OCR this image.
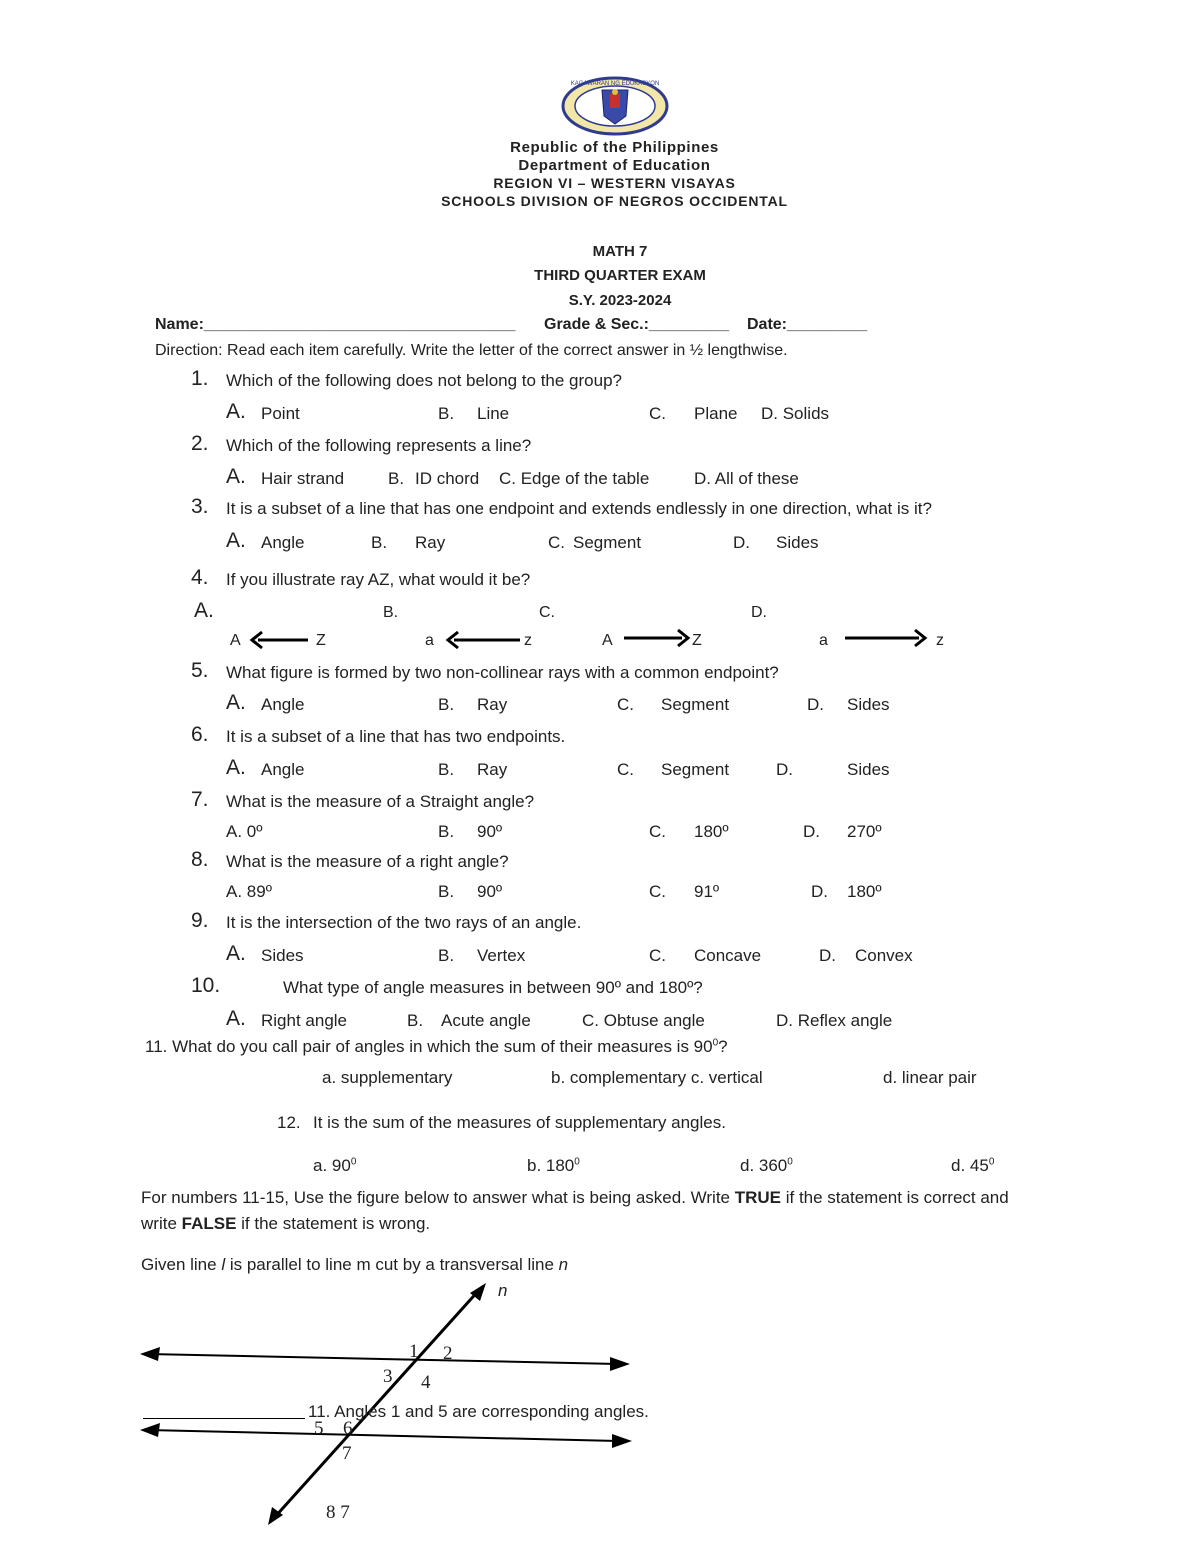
KAGAWARAN NG EDUKASYON
Republic of the Philippines
Department of Education
REGION VI – WESTERN VISAYAS
SCHOOLS DIVISION OF NEGROS OCCIDENTAL
MATH 7
THIRD QUARTER EXAM
S.Y. 2023-2024
Name:___________________________________ Grade & Sec.:_________ Date:_________
Direction: Read each item carefully. Write the letter of the correct answer in ½ lengthwise.
1. Which of the following does not belong to the group?
A. Point	B. Line	C. Plane D. Solids
2. Which of the following represents a line?
A. Hair strand	B. ID chord C. Edge of the table	D. All of these
3. It is a subset of a line that has one endpoint and extends endlessly in one direction, what is it?
A. Angle	B. Ray	C. Segment	D. Sides
4. If you illustrate ray AZ, what would it be?
A.	B.	C.	D.
A	Z	a	z	A	Z	a	z
5. What figure is formed by two non-collinear rays with a common endpoint?
A. Angle	B. Ray	C. Segment	D. Sides
6. It is a subset of a line that has two endpoints.
A. Angle	B. Ray	C. Segment	D.	Sides
7. What is the measure of a Straight angle?
A. 0º	B. 90º	C. 180º	D. 270º
8. What is the measure of a right angle?
A. 89º	B. 90º	C. 91º	D. 180º
9. It is the intersection of the two rays of an angle.
A. Sides	B. Vertex	C. Concave	D. Convex
10.	What type of angle measures in between 90º and 180º?
A. Right angle	B. Acute angle	C. Obtuse angle	D. Reflex angle
11. What do you call pair of angles in which the sum of their measures is $90^0$?
a. supplementary	b. complementary c. vertical	d. linear pair
12. It is the sum of the measures of supplementary angles.
a. $90^0$	b. $180^0$	d. $360^0$	d. $45^0$
For numbers 11-15, Use the figure below to answer what is being asked. Write TRUE if the statement is correct and
write FALSE if the statement is wrong.
Given line l is parallel to line m cut by a transversal line n
n
1 2
3 4
5 6
7
8 7
11. Angles 1 and 5 are corresponding angles.
